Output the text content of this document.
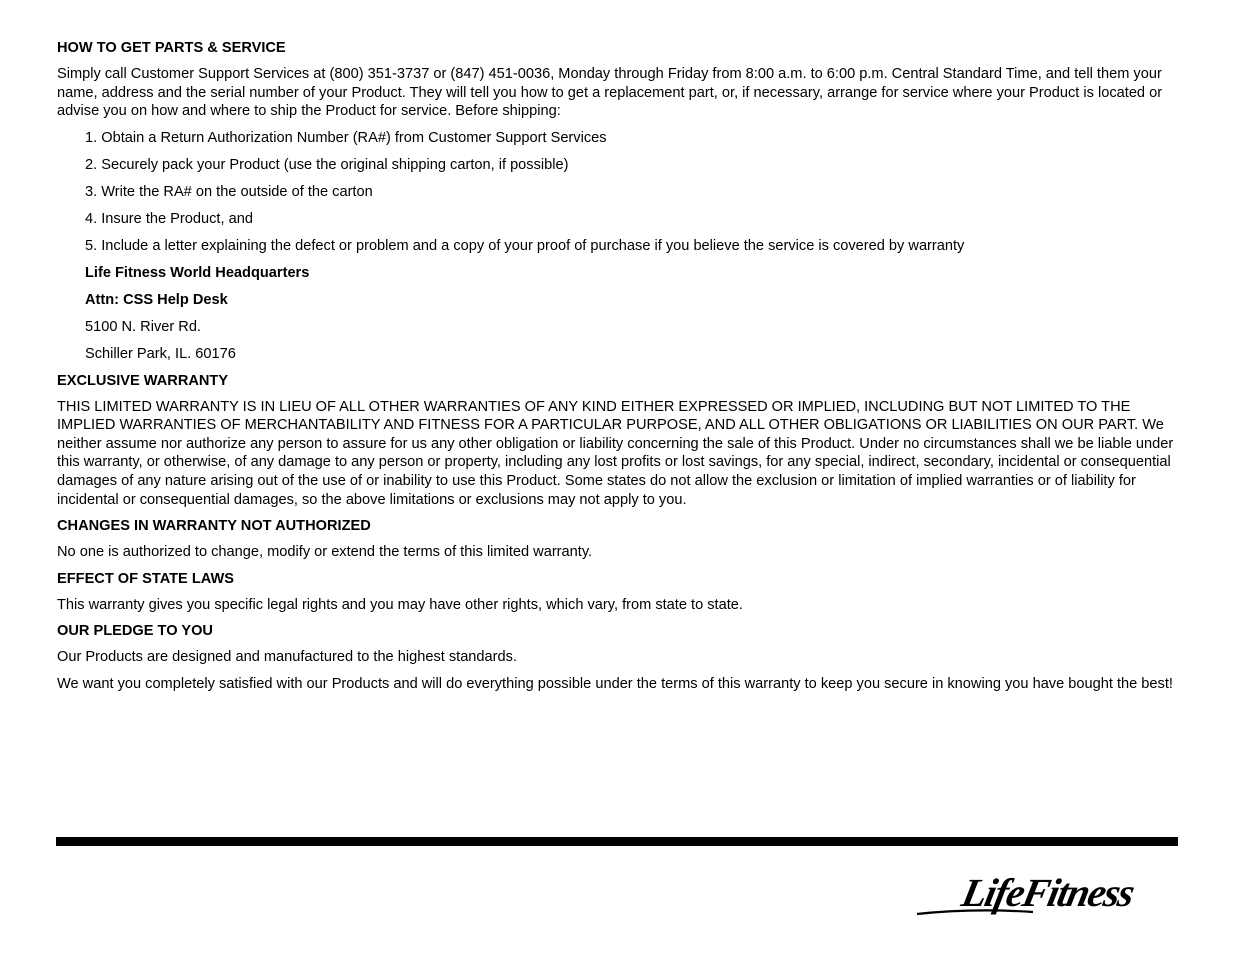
HOW TO GET PARTS & SERVICE
Simply call Customer Support Services at (800) 351-3737 or (847) 451-0036, Monday through Friday from 8:00 a.m. to 6:00 p.m. Central Standard Time, and tell them your name, address and the serial number of your Product. They will tell you how to get a replacement part, or, if necessary, arrange for service where your Product is located or advise you on how and where to ship the Product for service. Before shipping:
1. Obtain a Return Authorization Number (RA#) from Customer Support Services
2. Securely pack your Product (use the original shipping carton, if possible)
3. Write the RA# on the outside of the carton
4. Insure the Product, and
5. Include a letter explaining the defect or problem and a copy of your proof of purchase if you believe the service is covered by warranty
Life Fitness World Headquarters
Attn: CSS Help Desk
5100 N. River Rd.
Schiller Park, IL. 60176
EXCLUSIVE WARRANTY
THIS LIMITED WARRANTY IS IN LIEU OF ALL OTHER WARRANTIES OF ANY KIND EITHER EXPRESSED OR IMPLIED, INCLUDING BUT NOT LIMITED TO THE IMPLIED WARRANTIES OF MERCHANTABILITY AND FITNESS FOR A PARTICULAR PURPOSE, AND ALL OTHER OBLIGATIONS OR LIABILITIES ON OUR PART. We neither assume nor authorize any person to assure for us any other obligation or liability concerning the sale of this Product. Under no circumstances shall we be liable under this warranty, or otherwise, of any damage to any person or property, including any lost profits or lost savings, for any special, indirect, secondary, incidental or consequential damages of any nature arising out of the use of or inability to use this Product. Some states do not allow the exclusion or limitation of implied warranties or of liability for incidental or consequential damages, so the above limitations or exclusions may not apply to you.
CHANGES IN WARRANTY NOT AUTHORIZED
No one is authorized to change, modify or extend the terms of this limited warranty.
EFFECT OF STATE LAWS
This warranty gives you specific legal rights and you may have other rights, which vary, from state to state.
OUR PLEDGE TO YOU
Our Products are designed and manufactured to the highest standards.
We want you completely satisfied with our Products and will do everything possible under the terms of this warranty to keep you secure in knowing you have bought the best!
LifeFitness
